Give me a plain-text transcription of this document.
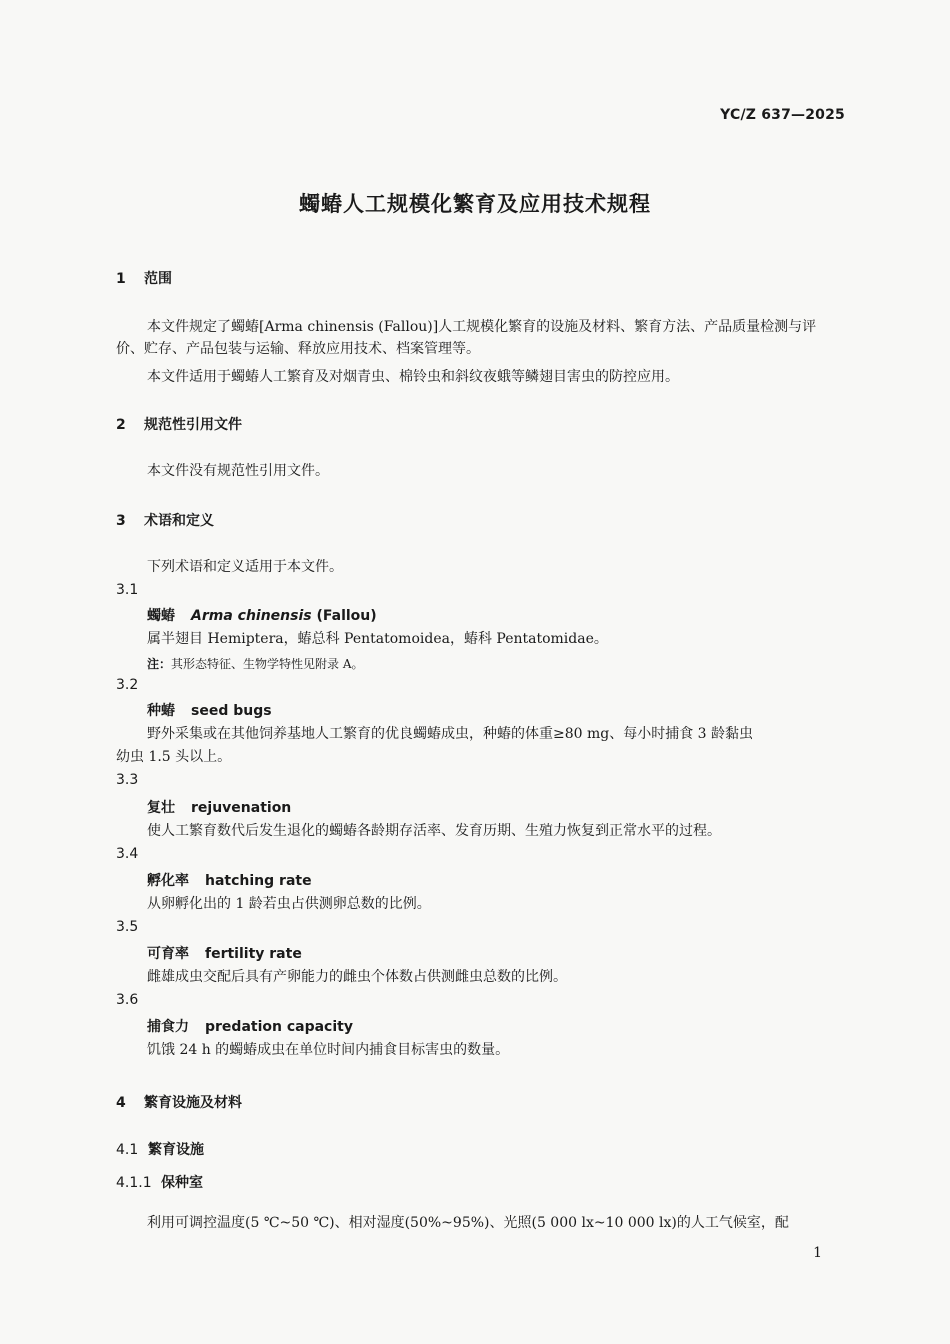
YC/Z 637—2025
蠋蝽人工规模化繁育及应用技术规程
1 范围
本文件规定了蠋蝽[Arma chinensis (Fallou)]人工规模化繁育的设施及材料、繁育方法、产品质量检测与评价、贮存、产品包装与运输、释放应用技术、档案管理等。
本文件适用于蠋蝽人工繁育及对烟青虫、棉铃虫和斜纹夜蛾等鳞翅目害虫的防控应用。
2 规范性引用文件
本文件没有规范性引用文件。
3 术语和定义
下列术语和定义适用于本文件。
3.1
蠋蝽 Arma chinensis (Fallou)
属半翅目 Hemiptera，蝽总科 Pentatomoidea，蝽科 Pentatomidae。
注：其形态特征、生物学特性见附录 A。
3.2
种蝽 seed bugs
野外采集或在其他饲养基地人工繁育的优良蠋蝽成虫，种蝽的体重≥80 mg、每小时捕食 3 龄黏虫
幼虫 1.5 头以上。
3.3
复壮 rejuvenation
使人工繁育数代后发生退化的蠋蝽各龄期存活率、发育历期、生殖力恢复到正常水平的过程。
3.4
孵化率 hatching rate
从卵孵化出的 1 龄若虫占供测卵总数的比例。
3.5
可育率 fertility rate
雌雄成虫交配后具有产卵能力的雌虫个体数占供测雌虫总数的比例。
3.6
捕食力 predation capacity
饥饿 24 h 的蠋蝽成虫在单位时间内捕食目标害虫的数量。
4 繁育设施及材料
4.1 繁育设施
4.1.1 保种室
利用可调控温度(5 ℃~50 ℃)、相对湿度(50%~95%)、光照(5 000 lx~10 000 lx)的人工气候室，配
1
